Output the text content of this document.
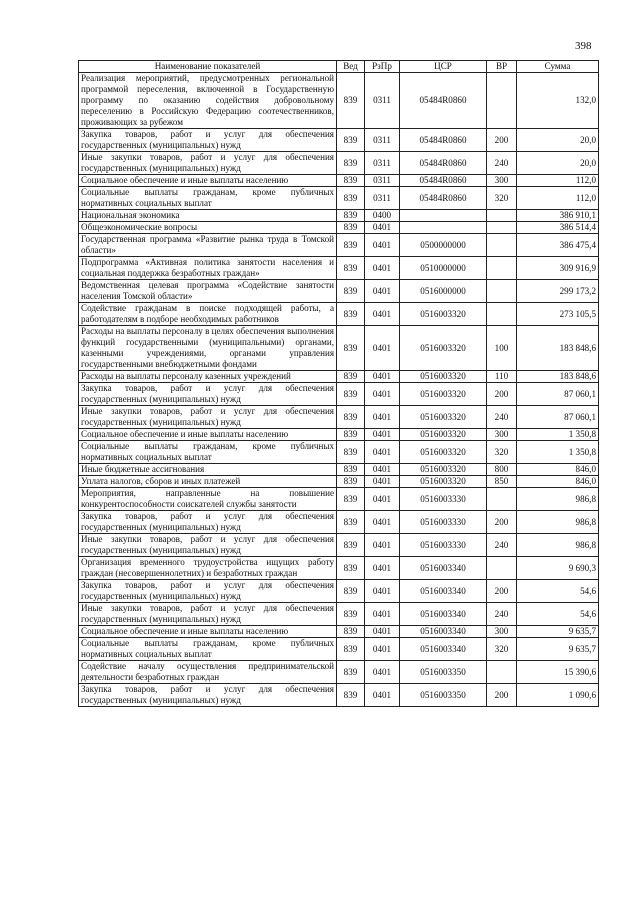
398
Наименование показателей	Вед	РзПр	ЦСР	ВР	Сумма
Реализация мероприятий, предусмотренных региональной программой переселения, включенной в Государственную программу по оказанию содействия добровольному переселению в Российскую Федерацию соотечественников, проживающих за рубежом	839	0311	05484R0860		132,0
Закупка товаров, работ и услуг для обеспечения государственных (муниципальных) нужд	839	0311	05484R0860	200	20,0
Иные закупки товаров, работ и услуг для обеспечения государственных (муниципальных) нужд	839	0311	05484R0860	240	20,0
Социальное обеспечение и иные выплаты населению	839	0311	05484R0860	300	112,0
Социальные выплаты гражданам, кроме публичных нормативных социальных выплат	839	0311	05484R0860	320	112,0
Национальная экономика	839	0400			386 910,1
Общеэкономические вопросы	839	0401			386 514,4
Государственная программа «Развитие рынка труда в Томской области»	839	0401	0500000000		386 475,4
Подпрограмма «Активная политика занятости населения и социальная поддержка безработных граждан»	839	0401	0510000000		309 916,9
Ведомственная целевая программа «Содействие занятости населения Томской области»	839	0401	0516000000		299 173,2
Содействие гражданам в поиске подходящей работы, а работодателям в подборе необходимых работников	839	0401	0516003320		273 105,5
Расходы на выплаты персоналу в целях обеспечения выполнения функций государственными (муниципальными) органами, казенными учреждениями, органами управления государственными внебюджетными фондами	839	0401	0516003320	100	183 848,6
Расходы на выплаты персоналу казенных учреждений	839	0401	0516003320	110	183 848,6
Закупка товаров, работ и услуг для обеспечения государственных (муниципальных) нужд	839	0401	0516003320	200	87 060,1
Иные закупки товаров, работ и услуг для обеспечения государственных (муниципальных) нужд	839	0401	0516003320	240	87 060,1
Социальное обеспечение и иные выплаты населению	839	0401	0516003320	300	1 350,8
Социальные выплаты гражданам, кроме публичных нормативных социальных выплат	839	0401	0516003320	320	1 350,8
Иные бюджетные ассигнования	839	0401	0516003320	800	846,0
Уплата налогов, сборов и иных платежей	839	0401	0516003320	850	846,0
Мероприятия, направленные на повышение конкурентоспособности соискателей службы занятости	839	0401	0516003330		986,8
Закупка товаров, работ и услуг для обеспечения государственных (муниципальных) нужд	839	0401	0516003330	200	986,8
Иные закупки товаров, работ и услуг для обеспечения государственных (муниципальных) нужд	839	0401	0516003330	240	986,8
Организация временного трудоустройства ищущих работу граждан (несовершеннолетних) и безработных граждан	839	0401	0516003340		9 690,3
Закупка товаров, работ и услуг для обеспечения государственных (муниципальных) нужд	839	0401	0516003340	200	54,6
Иные закупки товаров, работ и услуг для обеспечения государственных (муниципальных) нужд	839	0401	0516003340	240	54,6
Социальное обеспечение и иные выплаты населению	839	0401	0516003340	300	9 635,7
Социальные выплаты гражданам, кроме публичных нормативных социальных выплат	839	0401	0516003340	320	9 635,7
Содействие началу осуществления предпринимательской деятельности безработных граждан	839	0401	0516003350		15 390,6
Закупка товаров, работ и услуг для обеспечения государственных (муниципальных) нужд	839	0401	0516003350	200	1 090,6
